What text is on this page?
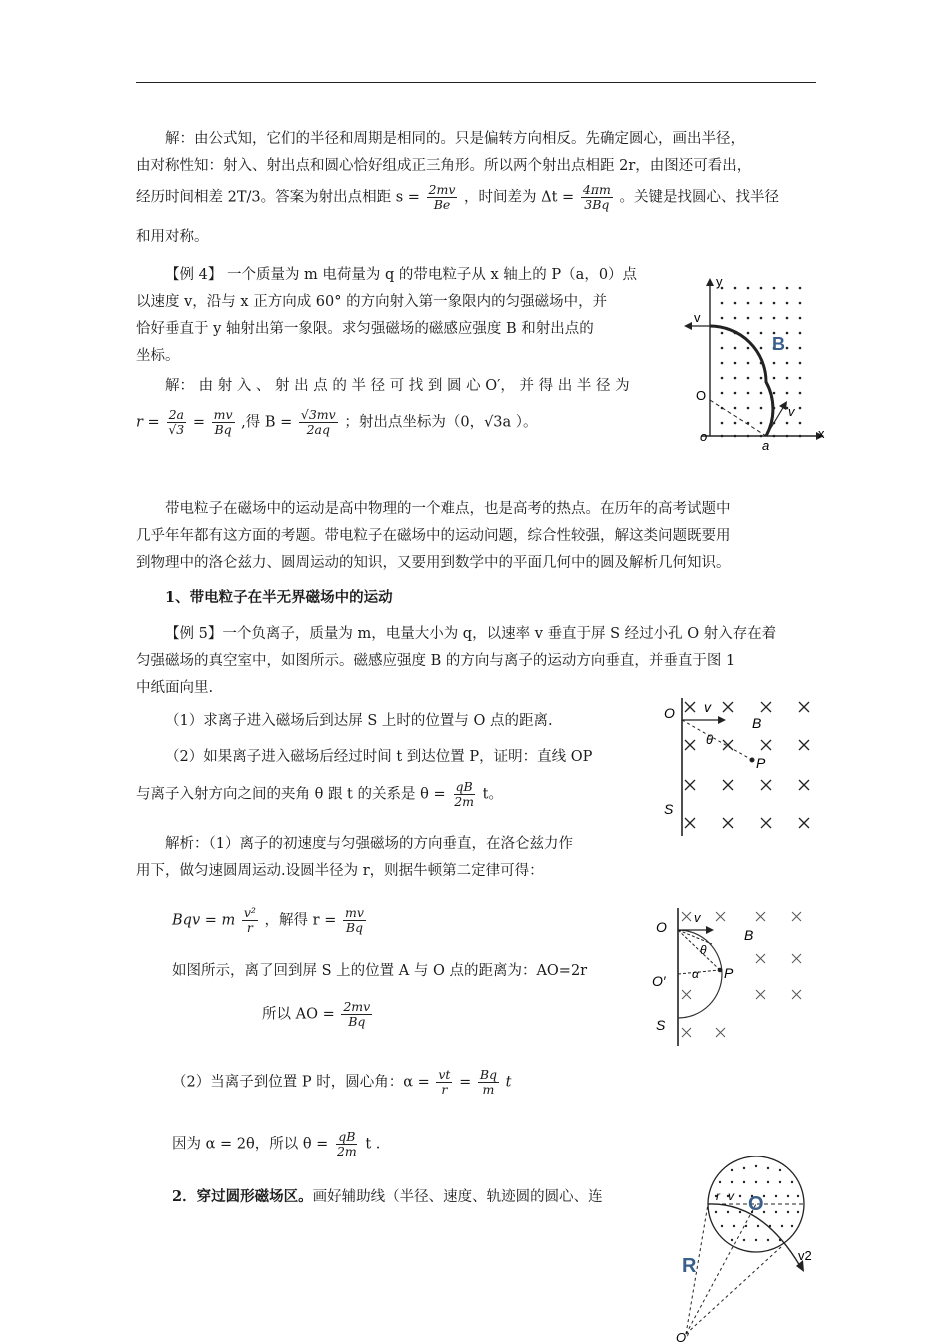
解：由公式知，它们的半径和周期是相同的。只是偏转方向相反。先确定圆心，画出半径，
由对称性知：射入、射出点和圆心恰好组成正三角形。所以两个射出点相距 2r，由图还可看出，
经历时间相差 2T/3。答案为射出点相距 $s = \frac{2mv}{Be}$ ，时间差为 $\Delta t = \frac{4\pi m}{3Bq}$ 。关键是找圆心、找半径
和用对称。
【例 4】 一个质量为 m 电荷量为 q 的带电粒子从 x 轴上的 P（a，0）点
以速度 v，沿与 x 正方向成 60° 的方向射入第一象限内的匀强磁场中，并
恰好垂直于 y 轴射出第一象限。求匀强磁场的磁感应强度 B 和射出点的
坐标。
解： 由 射 入 、 射 出 点 的 半 径 可 找 到 圆 心 O′， 并 得 出 半 径 为
$r = \frac{2a}{√3} = \frac{mv}{Bq}$ ,得 $B = \frac{√3mv}{2aq}$ ；射出点坐标为（0，√3a ）。
y
x
v
B
O
o
a
v
带电粒子在磁场中的运动是高中物理的一个难点，也是高考的热点。在历年的高考试题中
几乎年年都有这方面的考题。带电粒子在磁场中的运动问题，综合性较强，解这类问题既要用
到物理中的洛仑兹力、圆周运动的知识，又要用到数学中的平面几何中的圆及解析几何知识。
1、带电粒子在半无界磁场中的运动
【例 5】一个负离子，质量为 m，电量大小为 q，以速率 v 垂直于屏 S 经过小孔 O 射入存在着
匀强磁场的真空室中，如图所示。磁感应强度 B 的方向与离子的运动方向垂直，并垂直于图 1
中纸面向里.
（1）求离子进入磁场后到达屏 S 上时的位置与 O 点的距离.
（2）如果离子进入磁场后经过时间 t 到达位置 P，证明：直线 OP
与离子入射方向之间的夹角 θ 跟 t 的关系是 $\theta = \frac{qB}{2m}$ t。
O v
B
θ
P
S
解析：（1）离子的初速度与匀强磁场的方向垂直，在洛仑兹力作
用下，做匀速圆周运动.设圆半径为 r，则据牛顿第二定律可得：
Bqv = m $\frac{\text{v²}}{r}$ ，解得 $r = \frac{mv}{Bq}$
如图所示，离了回到屏 S 上的位置 A 与 O 点的距离为：AO=2r
所以 AO = $\frac{2mv}{Bq}$
（2）当离子到位置 P 时，圆心角：$\alpha = \frac{vt}{r} = \frac{Bq}{m}$ t
因为 α = 2θ，所以 $\theta = \frac{qB}{2m}$ t .
O
v
B
θ
α
O′	P
S
2．穿过圆形磁场区。画好辅助线（半径、速度、轨迹圆的圆心、连	r v O
R	v2
O′
